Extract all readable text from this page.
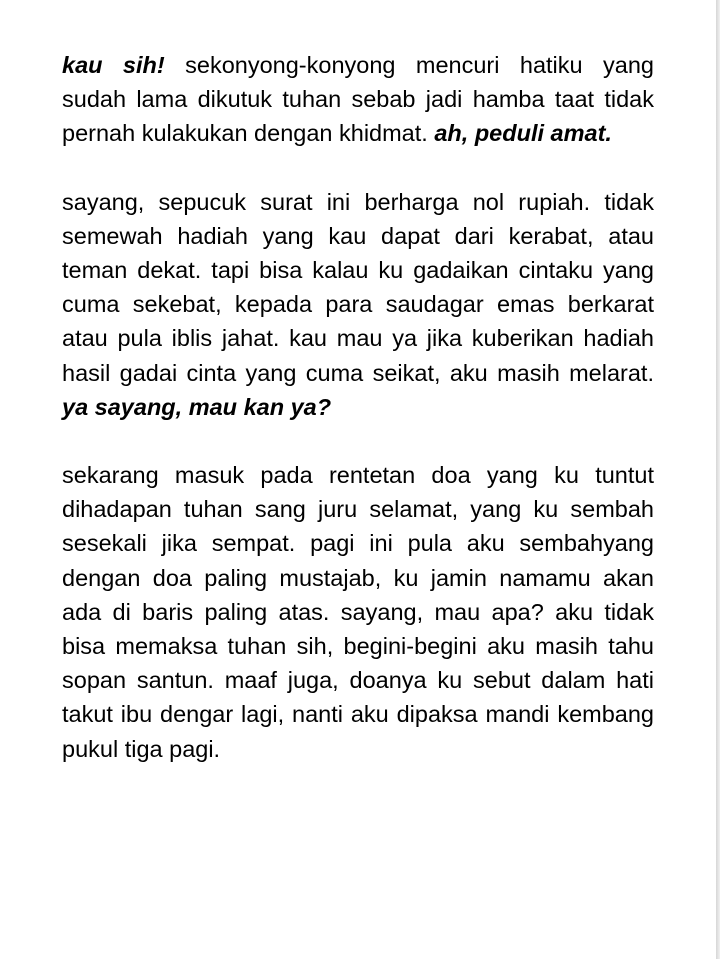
kau sih! sekonyong-konyong mencuri hatiku yang sudah lama dikutuk tuhan sebab jadi hamba taat tidak pernah kulakukan dengan khidmat. ah, peduli amat.

sayang, sepucuk surat ini berharga nol rupiah. tidak semewah hadiah yang kau dapat dari kerabat, atau teman dekat. tapi bisa kalau ku gadaikan cintaku yang cuma sekebat, kepada para saudagar emas berkarat atau pula iblis jahat. kau mau ya jika kuberikan hadiah hasil gadai cinta yang cuma seikat, aku masih melarat. ya sayang, mau kan ya?

sekarang masuk pada rentetan doa yang ku tuntut dihadapan tuhan sang juru selamat, yang ku sembah sesekali jika sempat. pagi ini pula aku sembahyang dengan doa paling mustajab, ku jamin namamu akan ada di baris paling atas. sayang, mau apa? aku tidak bisa memaksa tuhan sih, begini-begini aku masih tahu sopan santun. maaf juga, doanya ku sebut dalam hati takut ibu dengar lagi, nanti aku dipaksa mandi kembang pukul tiga pagi.
